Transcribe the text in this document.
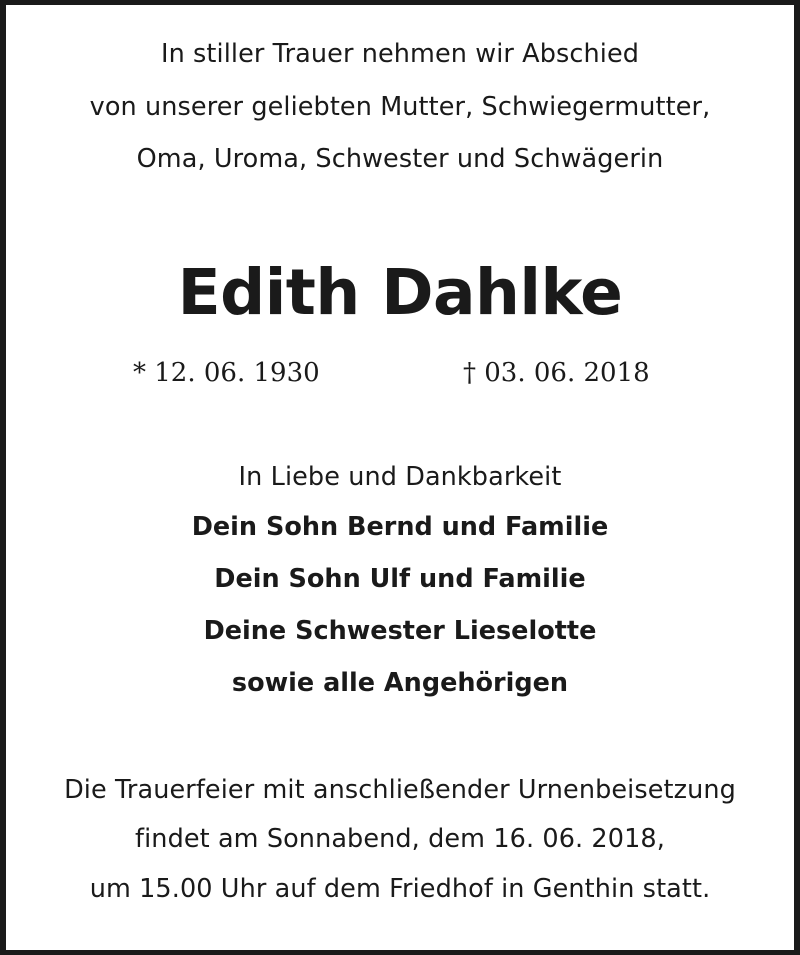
In stiller Trauer nehmen wir Abschied
von unserer geliebten Mutter, Schwiegermutter,
Oma, Uroma, Schwester und Schwägerin
Edith Dahlke
* 12. 06. 1930	† 03. 06. 2018
In Liebe und Dankbarkeit
Dein Sohn Bernd und Familie
Dein Sohn Ulf und Familie
Deine Schwester Lieselotte
sowie alle Angehörigen
Die Trauerfeier mit anschließender Urnenbeisetzung
findet am Sonnabend, dem 16. 06. 2018,
um 15.00 Uhr auf dem Friedhof in Genthin statt.
